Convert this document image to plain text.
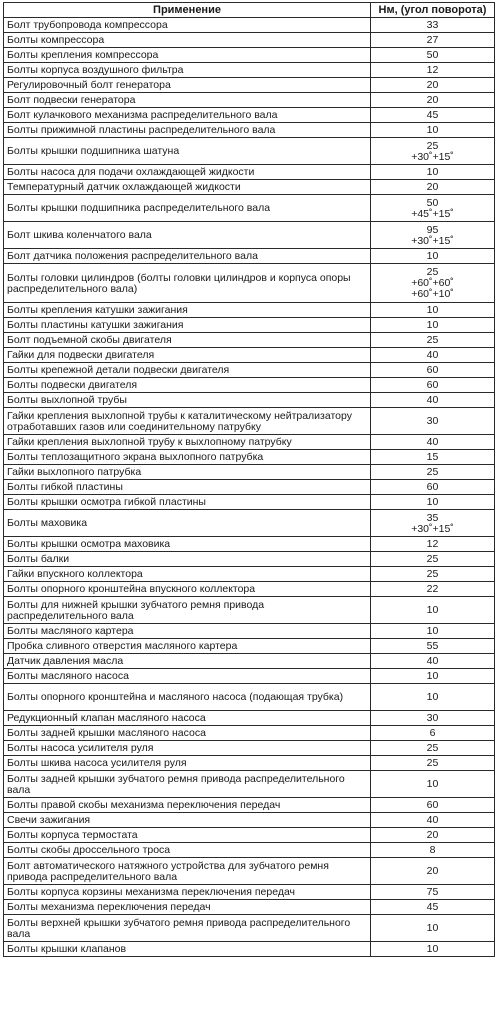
Применение	Нм, (угол поворота)
Болт трубопровода компрессора	33

Болты компрессора	27

Болты крепления компрессора	50

Болты корпуса воздушного фильтра	12

Регулировочный болт генератора	20

Болт подвески генератора	20

Болт кулачкового механизма распределительного вала	45

Болты прижимной пластины распределительного вала	10

Болты крышки подшипника шатуна	25
+30˚+15˚

Болты насоса для подачи охлаждающей жидкости	10

Температурный датчик охлаждающей жидкости	20

Болты крышки подшипника распределительного вала	50
+45˚+15˚

Болт шкива коленчатого вала	95
+30˚+15˚

Болт датчика положения распределительного вала	10

Болты головки цилиндров (болты головки цилиндров и корпуса опоры распределительного вала)	25
+60˚+60˚
+60˚+10˚

Болты крепления катушки зажигания	10

Болты пластины катушки зажигания	10

Болт подъемной скобы двигателя	25

Гайки для подвески двигателя	40

Болты крепежной детали подвески двигателя	60

Болты подвески двигателя	60

Болты выхлопной трубы	40

Гайки крепления выхлопной трубы к каталитическому нейтрализатору отработавших газов или соединительному патрубку	30

Гайки крепления выхлопной трубу к выхлопному патрубку	40

Болты теплозащитного экрана выхлопного патрубка	15

Гайки выхлопного патрубка	25

Болты гибкой пластины	60

Болты крышки осмотра гибкой пластины	10

Болты маховика	35
+30˚+15˚

Болты крышки осмотра маховика	12

Болты балки	25

Гайки впускного коллектора	25

Болты опорного кронштейна впускного коллектора	22

Болты для нижней крышки зубчатого ремня привода распределительного вала	10

Болты масляного картера	10

Пробка сливного отверстия масляного картера	55

Датчик давления масла	40

Болты масляного насоса	10

Болты опорного кронштейна и масляного насоса (подающая трубка)	10

Редукционный клапан масляного насоса	30

Болты задней крышки масляного насоса	6

Болты насоса усилителя руля	25

Болты шкива насоса усилителя руля	25

Болты задней крышки зубчатого ремня привода распределительного вала	10

Болты правой скобы механизма переключения передач	60

Свечи зажигания	40

Болты корпуса термостата	20

Болты скобы дроссельного троса	8

Болт автоматического натяжного устройства для зубчатого ремня привода распределительного вала	20

Болты корпуса корзины механизма переключения передач	75

Болты механизма переключения передач	45

Болты верхней крышки зубчатого ремня привода распределительного вала	10

Болты крышки клапанов	10
